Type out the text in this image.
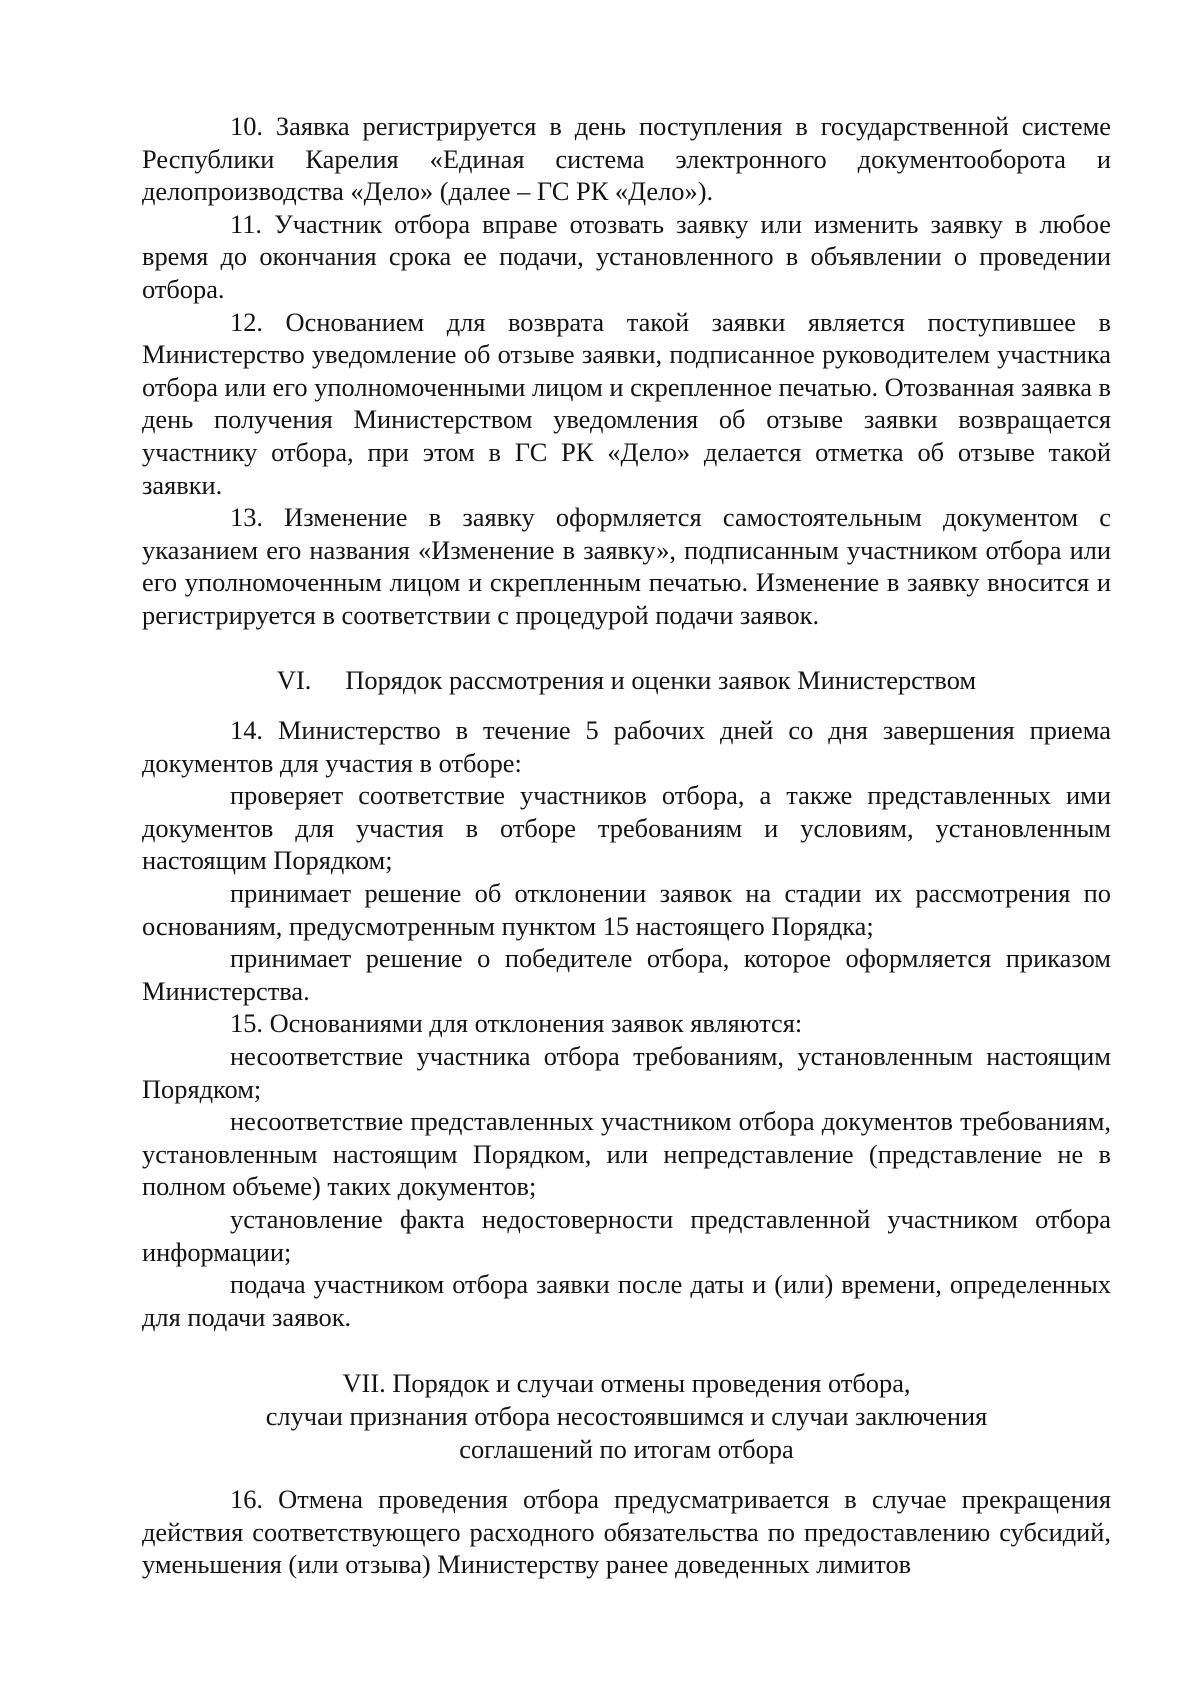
10. Заявка регистрируется в день поступления в государственной системе Республики Карелия «Единая система электронного документооборота и делопроизводства «Дело» (далее – ГС РК «Дело»).

11. Участник отбора вправе отозвать заявку или изменить заявку в любое время до окончания срока ее подачи, установленного в объявлении о проведении отбора.

12. Основанием для возврата такой заявки является поступившее в Министерство уведомление об отзыве заявки, подписанное руководителем участника отбора или его уполномоченными лицом и скрепленное печатью. Отозванная заявка в день получения Министерством уведомления об отзыве заявки возвращается участнику отбора, при этом в ГС РК «Дело» делается отметка об отзыве такой заявки.

13. Изменение в заявку оформляется самостоятельным документом с указанием его названия «Изменение в заявку», подписанным участником отбора или его уполномоченным лицом и скрепленным печатью. Изменение в заявку вносится и регистрируется в соответствии с процедурой подачи заявок.

VI. Порядок рассмотрения и оценки заявок Министерством

14. Министерство в течение 5 рабочих дней со дня завершения приема документов для участия в отборе:

проверяет соответствие участников отбора, а также представленных ими документов для участия в отборе требованиям и условиям, установленным настоящим Порядком;

принимает решение об отклонении заявок на стадии их рассмотрения по основаниям, предусмотренным пунктом 15 настоящего Порядка;

принимает решение о победителе отбора, которое оформляется приказом Министерства.

15. Основаниями для отклонения заявок являются:

несоответствие участника отбора требованиям, установленным настоящим Порядком;

несоответствие представленных участником отбора документов требованиям, установленным настоящим Порядком, или непредставление (представление не в полном объеме) таких документов;

установление факта недостоверности представленной участником отбора информации;

подача участником отбора заявки после даты и (или) времени, определенных для подачи заявок.

VII. Порядок и случаи отмены проведения отбора,
случаи признания отбора несостоявшимся и случаи заключения
соглашений по итогам отбора

16. Отмена проведения отбора предусматривается в случае прекращения действия соответствующего расходного обязательства по предоставлению субсидий, уменьшения (или отзыва) Министерству ранее доведенных лимитов
